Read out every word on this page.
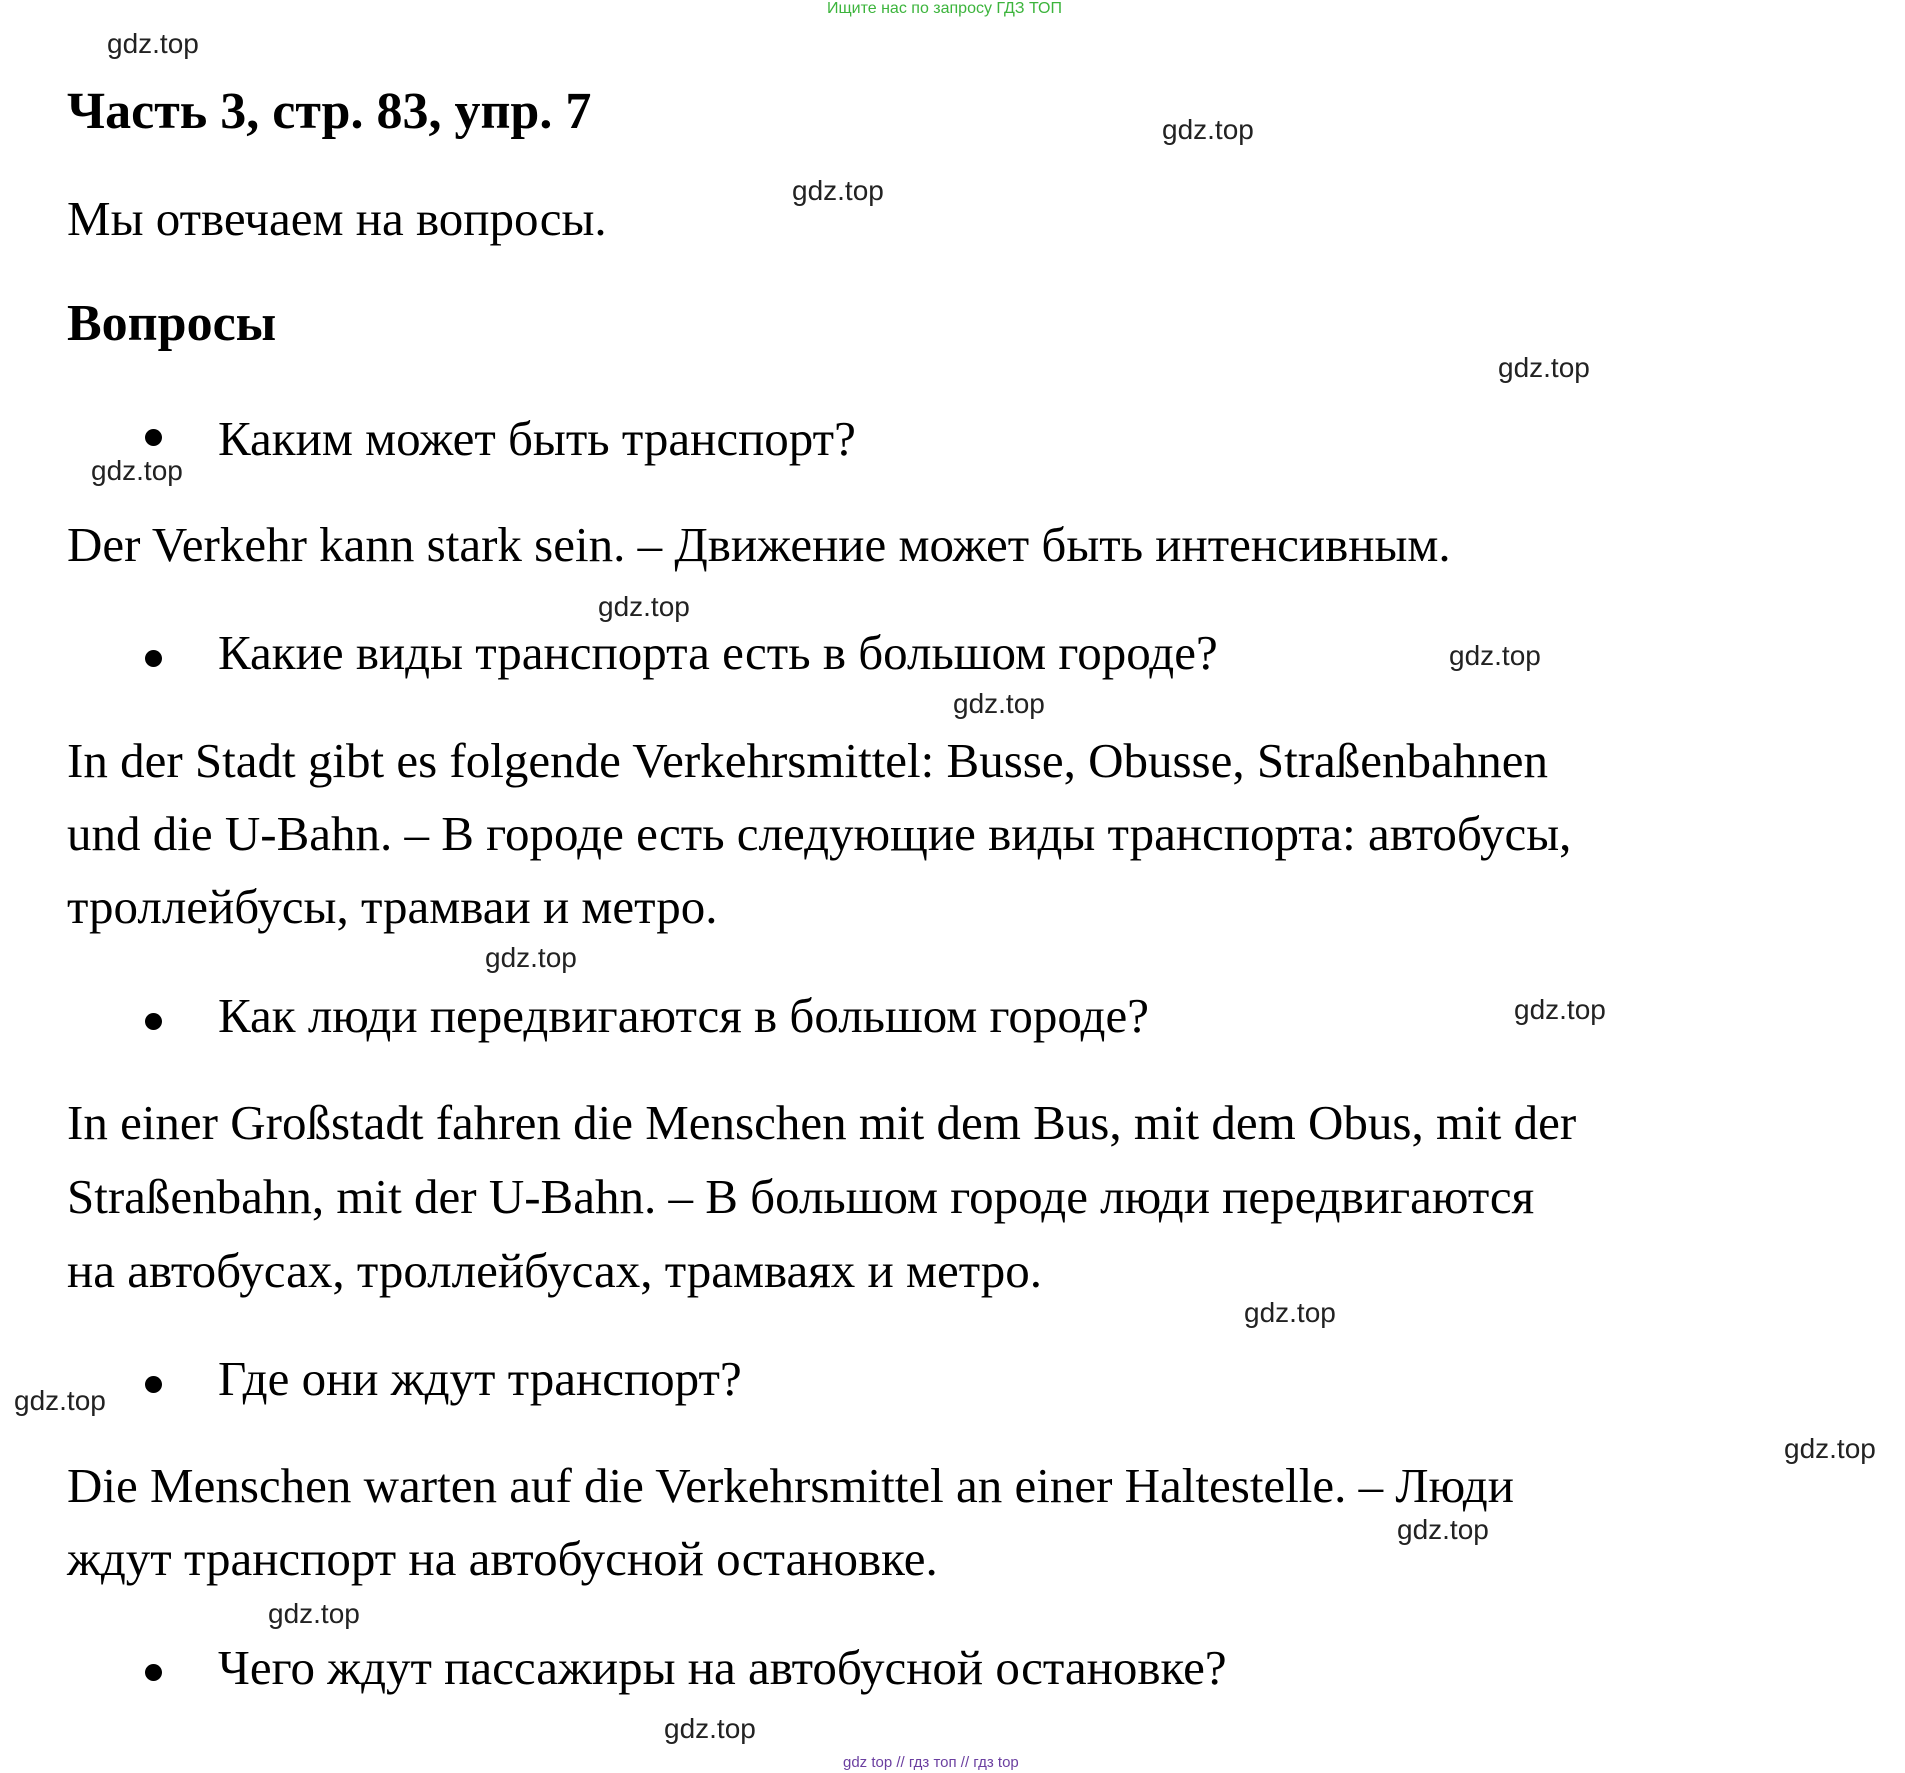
Ищите нас по запросу ГДЗ ТОП
gdz.top
gdz.top
gdz.top
gdz.top
gdz.top
gdz.top
gdz.top
gdz.top
gdz.top
gdz.top
gdz.top
gdz.top
gdz.top
gdz.top
gdz.top
gdz.top
Часть 3, стр. 83, упр. 7
Мы отвечаем на вопросы.
Вопросы
Каким может быть транспорт?
Der Verkehr kann stark sein. – Движение может быть интенсивным.
Какие виды транспорта есть в большом городе?
In der Stadt gibt es folgende Verkehrsmittel: Busse, Obusse, Straßenbahnen
und die U-Bahn. – В городе есть следующие виды транспорта: автобусы,
троллейбусы, трамваи и метро.
Как люди передвигаются в большом городе?
In einer Großstadt fahren die Menschen mit dem Bus, mit dem Obus, mit der
Straßenbahn, mit der U-Bahn. – В большом городе люди передвигаются
на автобусах, троллейбусах, трамваях и метро.
Где они ждут транспорт?
Die Menschen warten auf die Verkehrsmittel an einer Haltestelle. – Люди
ждут транспорт на автобусной остановке.
Чего ждут пассажиры на автобусной остановке?
gdz top // гдз топ // гдз top
